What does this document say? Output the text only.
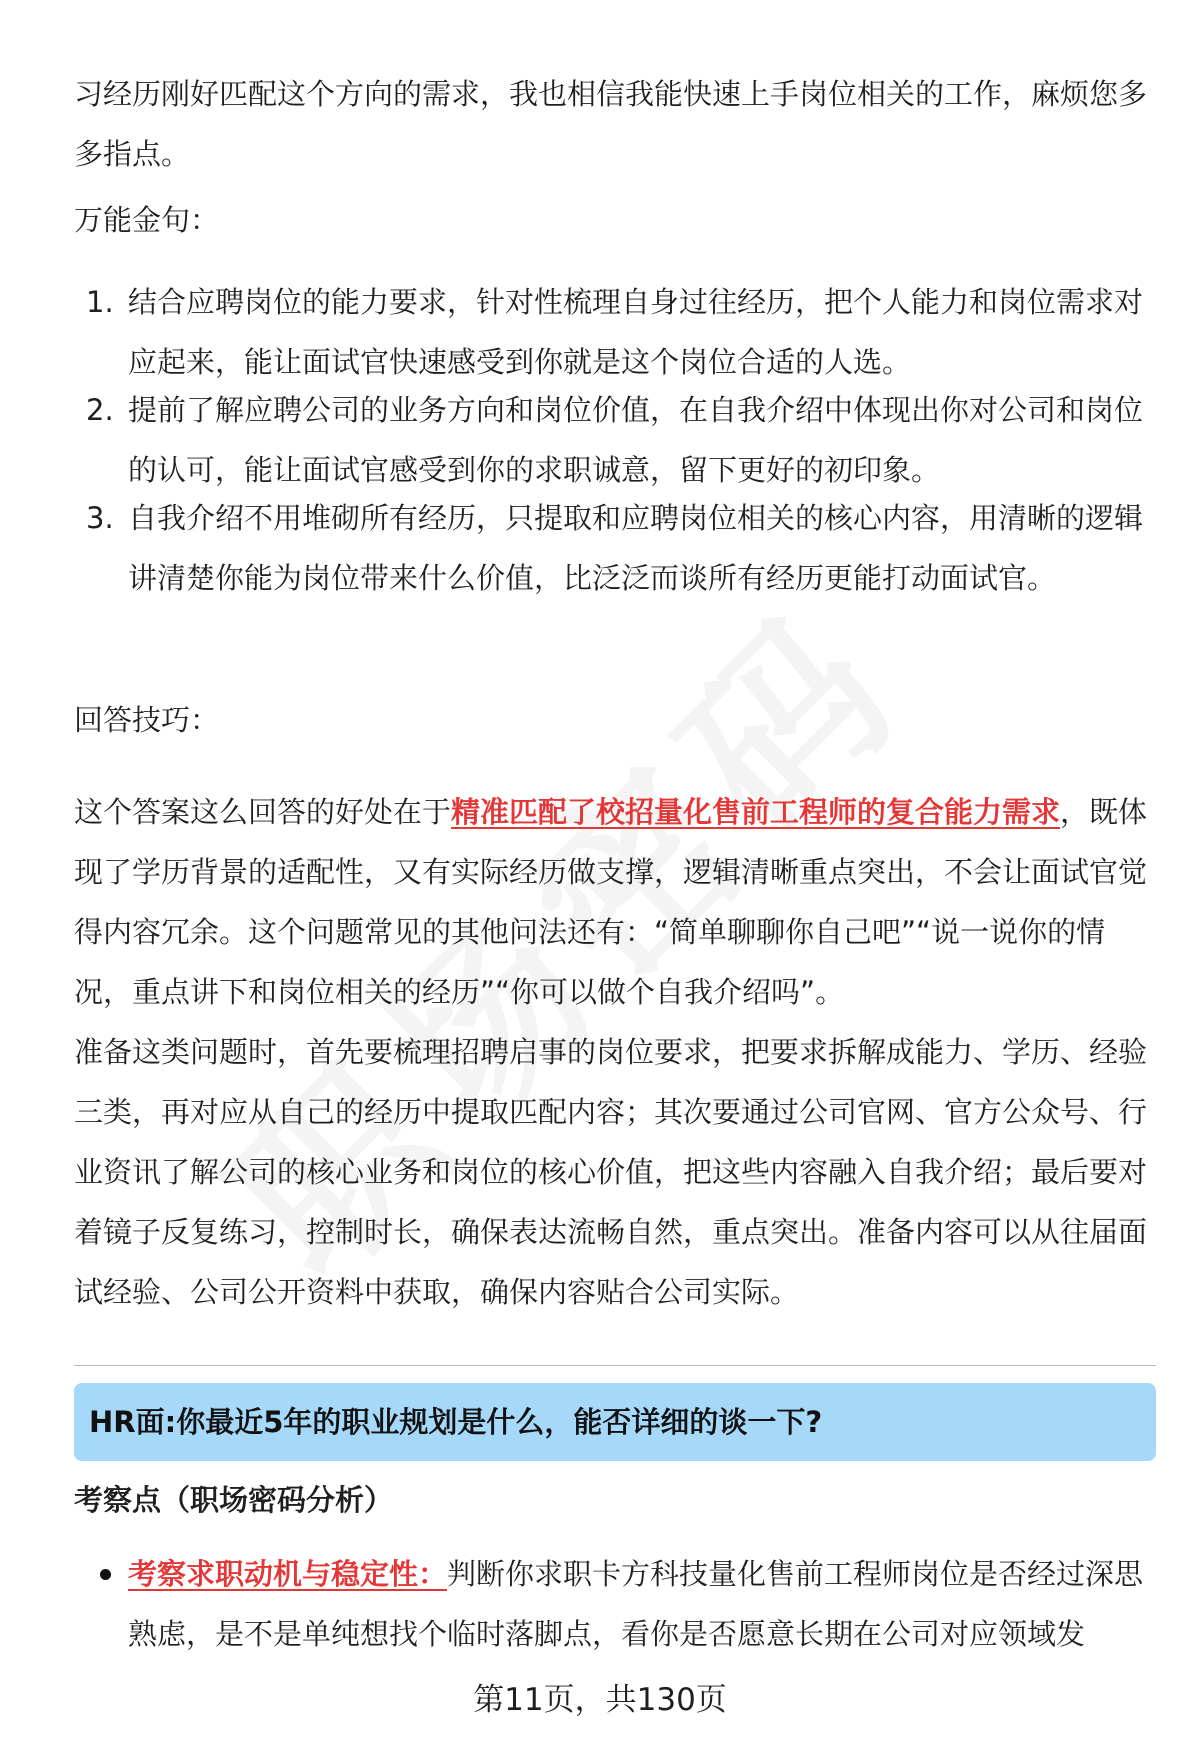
习经历刚好匹配这个方向的需求，我也相信我能快速上手岗位相关的工作，麻烦您多多指点。
万能金句：
1. 结合应聘岗位的能力要求，针对性梳理自身过往经历，把个人能力和岗位需求对应起来，能让面试官快速感受到你就是这个岗位合适的人选。
2. 提前了解应聘公司的业务方向和岗位价值，在自我介绍中体现出你对公司和岗位的认可，能让面试官感受到你的求职诚意，留下更好的初印象。
3. 自我介绍不用堆砌所有经历，只提取和应聘岗位相关的核心内容，用清晰的逻辑讲清楚你能为岗位带来什么价值，比泛泛而谈所有经历更能打动面试官。
回答技巧：
这个答案这么回答的好处在于精准匹配了校招量化售前工程师的复合能力需求，既体现了学历背景的适配性，又有实际经历做支撑，逻辑清晰重点突出，不会让面试官觉得内容冗余。这个问题常见的其他问法还有：“简单聊聊你自己吧”“说一说你的情况，重点讲下和岗位相关的经历”“你可以做个自我介绍吗”。
准备这类问题时，首先要梳理招聘启事的岗位要求，把要求拆解成能力、学历、经验三类，再对应从自己的经历中提取匹配内容；其次要通过公司官网、官方公众号、行业资讯了解公司的核心业务和岗位的核心价值，把这些内容融入自我介绍；最后要对着镜子反复练习，控制时长，确保表达流畅自然，重点突出。准备内容可以从往届面试经验、公司公开资料中获取，确保内容贴合公司实际。
HR面:你最近5年的职业规划是什么，能否详细的谈一下?
考察点（职场密码分析）
考察求职动机与稳定性：判断你求职卡方科技量化售前工程师岗位是否经过深思熟虑，是不是单纯想找个临时落脚点，看你是否愿意长期在公司对应领域发
第11页，共130页
